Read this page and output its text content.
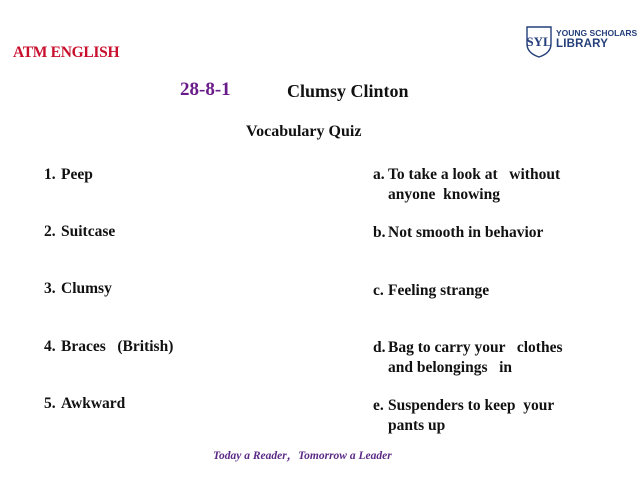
ATM ENGLISH
SYL
YOUNG SCHOLARS
LIBRARY
28-8-1	Clumsy Clinton
Vocabulary Quiz
1. Peep
2. Suitcase
3. Clumsy
4. Braces   (British)
5. Awkward
a. To take a look at   without
anyone  knowing
b. Not smooth in behavior
c. Feeling strange
d. Bag to carry your   clothes
and belongings   in
e. Suspenders to keep  your
pants up
Today a Reader，Tomorrow a Leader
